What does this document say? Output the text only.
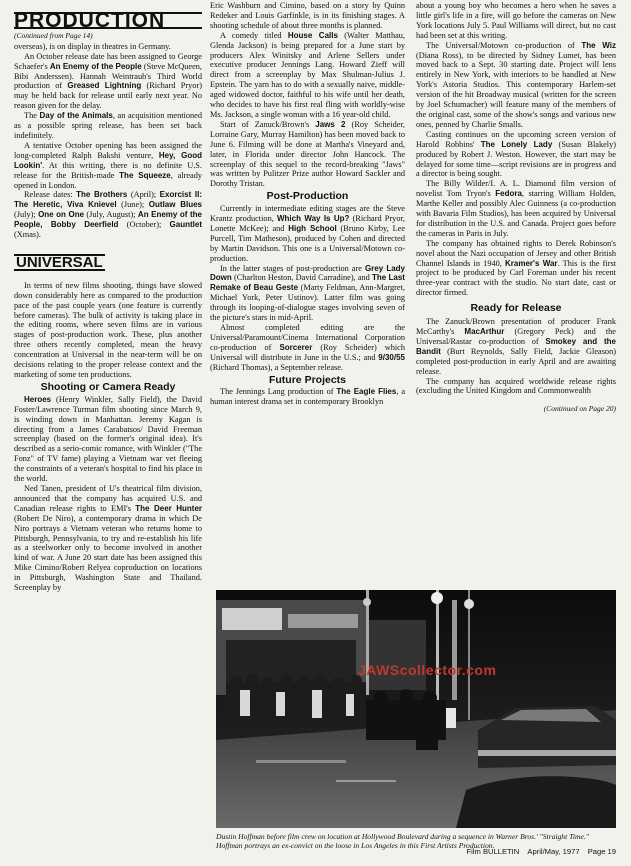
PRODUCTION
(Continued from Page 14)

overseas), is on display in theatres in Germany.

An October release date has been assigned to George Schaefer's An Enemy of the People (Steve McQueen, Bibi Anderssen). Hannah Weintraub's Third World production of Greased Lightning (Richard Pryor) may be held back for release until early next year. No reason given for the delay.

The Day of the Animals, an acquisition mentioned as a possible spring release, has been set back indefinitely.

A tentative October opening has been assigned the long-completed Ralph Bakshi venture, Hey, Good Lookin'. At this writing, there is no definite U.S. release for the British-made The Squeeze, already opened in London.

Release dates: The Brothers (April); Exorcist II: The Heretic, Viva Knievel (June); Outlaw Blues (July); One on One (July, August); An Enemy of the People, Bobby Deerfield (October); Gauntlet (Xmas).

UNIVERSAL

In terms of new films shooting, things have slowed down considerably here as compared to the production pace of the past couple years (one feature is currently before cameras). The bulk of activity is taking place in the editing rooms, where seven films are in various stages of post-production work. These, plus another three others recently completed, mean the heavy concentration at Universal in the near-term will be on decisions relating to the proper release context and the marketing of some ten productions.

Shooting or Camera Ready

Heroes (Henry Winkler, Sally Field), the David Foster/Lawrence Turman film shooting since March 9, is winding down in Manhattan. Jeremy Kagan is directing from a James Carabatsos/ David Freeman screenplay (based on the former's original idea). It's described as a serio-comic romance, with Winkler ("The Fonz" of TV fame) playing a Vietnam war vet fleeing the constraints of a veteran's hospital to find his place in the world.

Ned Tanen, president of U's theatrical film division, announced that the company has acquired U.S. and Canadian release rights to EMI's The Deer Hunter (Robert De Niro), a contemporary drama in which De Niro portrays a Vietnam veteran who returns home to Pittsburgh, Pennsylvania, to try and re-establish his life as a steelworker only to become involved in another kind of war. A June 20 start date has been assigned this Mike Cimino/Robert Relyea coproduction on locations in Pittsburgh, Washington State and Thailand. Screenplay by

Eric Washburn and Cimino, based on a story by Quinn Redeker and Louis Garfinkle, is in its finishing stages. A shooting schedule of about three months is planned.

A comedy titled House Calls (Walter Matthau, Glenda Jackson) is being prepared for a June start by producers Alex Winitsky and Arlene Sellers under executive producer Jennings Lang. Howard Zieff will direct from a screenplay by Max Shulman-Julius J. Epstein. The yarn has to do with a sexually naive, middle-aged widowed doctor, faithful to his wife until her death, who decides to have his first real fling with worldly-wise Ms. Jackson, a single woman with a 16 year-old child.

Start of Zanuck/Brown's Jaws 2 (Roy Scheider, Lorraine Gary, Murray Hamilton) has been moved back to June 6. Filming will be done at Martha's Vineyard and, later, in Florida under director John Hancock. The screenplay of this sequel to the record-breaking "Jaws" was written by Pulitzer Prize author Howard Sackler and Dorothy Tristan.

Post-Production

Currently in intermediate editing stages are the Steve Krantz production, Which Way Is Up? (Richard Pryor, Lonette McKee); and High School (Bruno Kirby, Lee Purcell, Tim Matheson), produced by Cohen and directed by Martin Davidson. This one is a Universal/Motown co-production.

In the latter stages of post-production are Grey Lady Down (Charlton Heston, David Carradine), and The Last Remake of Beau Geste (Marty Feldman, Ann-Margret, Michael York, Peter Ustinov). Latter film was going through its looping-of-dialogue stages involving seven of the picture's stars in mid-April.

Almost completed editing are the Universal/Paramount/Cinema International Corporation co-production of Sorcerer (Roy Scheider) which Universal will distribute in June in the U.S.; and 9/30/55 (Richard Thomas), a September release.

Future Projects

The Jennings Lang production of The Eagle Flies, a human interest drama set in contemporary Brooklyn

about a young boy who becomes a hero when he saves a little girl's life in a fire, will go before the cameras on New York locations July 5. Paul Williams will direct, but no cast had been set at this writing.

The Universal/Motown co-production of The Wiz (Diana Ross), to be directed by Sidney Lumet, has been moved back to a Sept. 30 starting date. Project will lens entirely in New York, with interiors to be handled at New York's Astoria Studios. This contemporary Harlem-set version of the hit Broadway musical (written for the screen by Joel Schumacher) will feature many of the members of the original cast, some of the show's songs and various new ones, penned by Charlie Smalls.

Casting continues on the upcoming screen version of Harold Robbins' The Lonely Lady (Susan Blakely) produced by Robert J. Weston. However, the start may be delayed for some time—script revisions are in progress and a director is being sought.

The Billy Wilder/I. A. L. Diamond film version of novelist Tom Tryon's Fedora, starring William Holden, Marthe Keller and possibly Alec Guinness (a co-production with Bavaria Film Studios), has been acquired by Universal for distribution in the U.S. and Canada. Project goes before the cameras in Paris in July.

The company has obtained rights to Derek Robinson's novel about the Nazi occupation of Jersey and other British Channel Islands in 1940, Kramer's War. This is the first project to be produced by Carl Foreman under his recent three-year contract with the studio. No start date, cast or director firmed.

Ready for Release

The Zanuck/Brown presentation of producer Frank McCarthy's MacArthur (Gregory Peck) and the Universal/Rastar co-production of Smokey and the Bandit (Burt Reynolds, Sally Field, Jackie Gleason) completed post-production in early April and are awaiting release.

The company has acquired worldwide release rights (excluding the United Kingdom and Commonwealth

(Continued on Page 20)
JAWScollector.com
Dustin Hoffman before film crew on location at Hollywood Boulevard during a sequence in Warner Bros.' "Straight Time." Hoffman portrays an ex-convict on the loose in Los Angeles in this First Artists Production.
Film BULLETIN April/May, 1977 Page 19
